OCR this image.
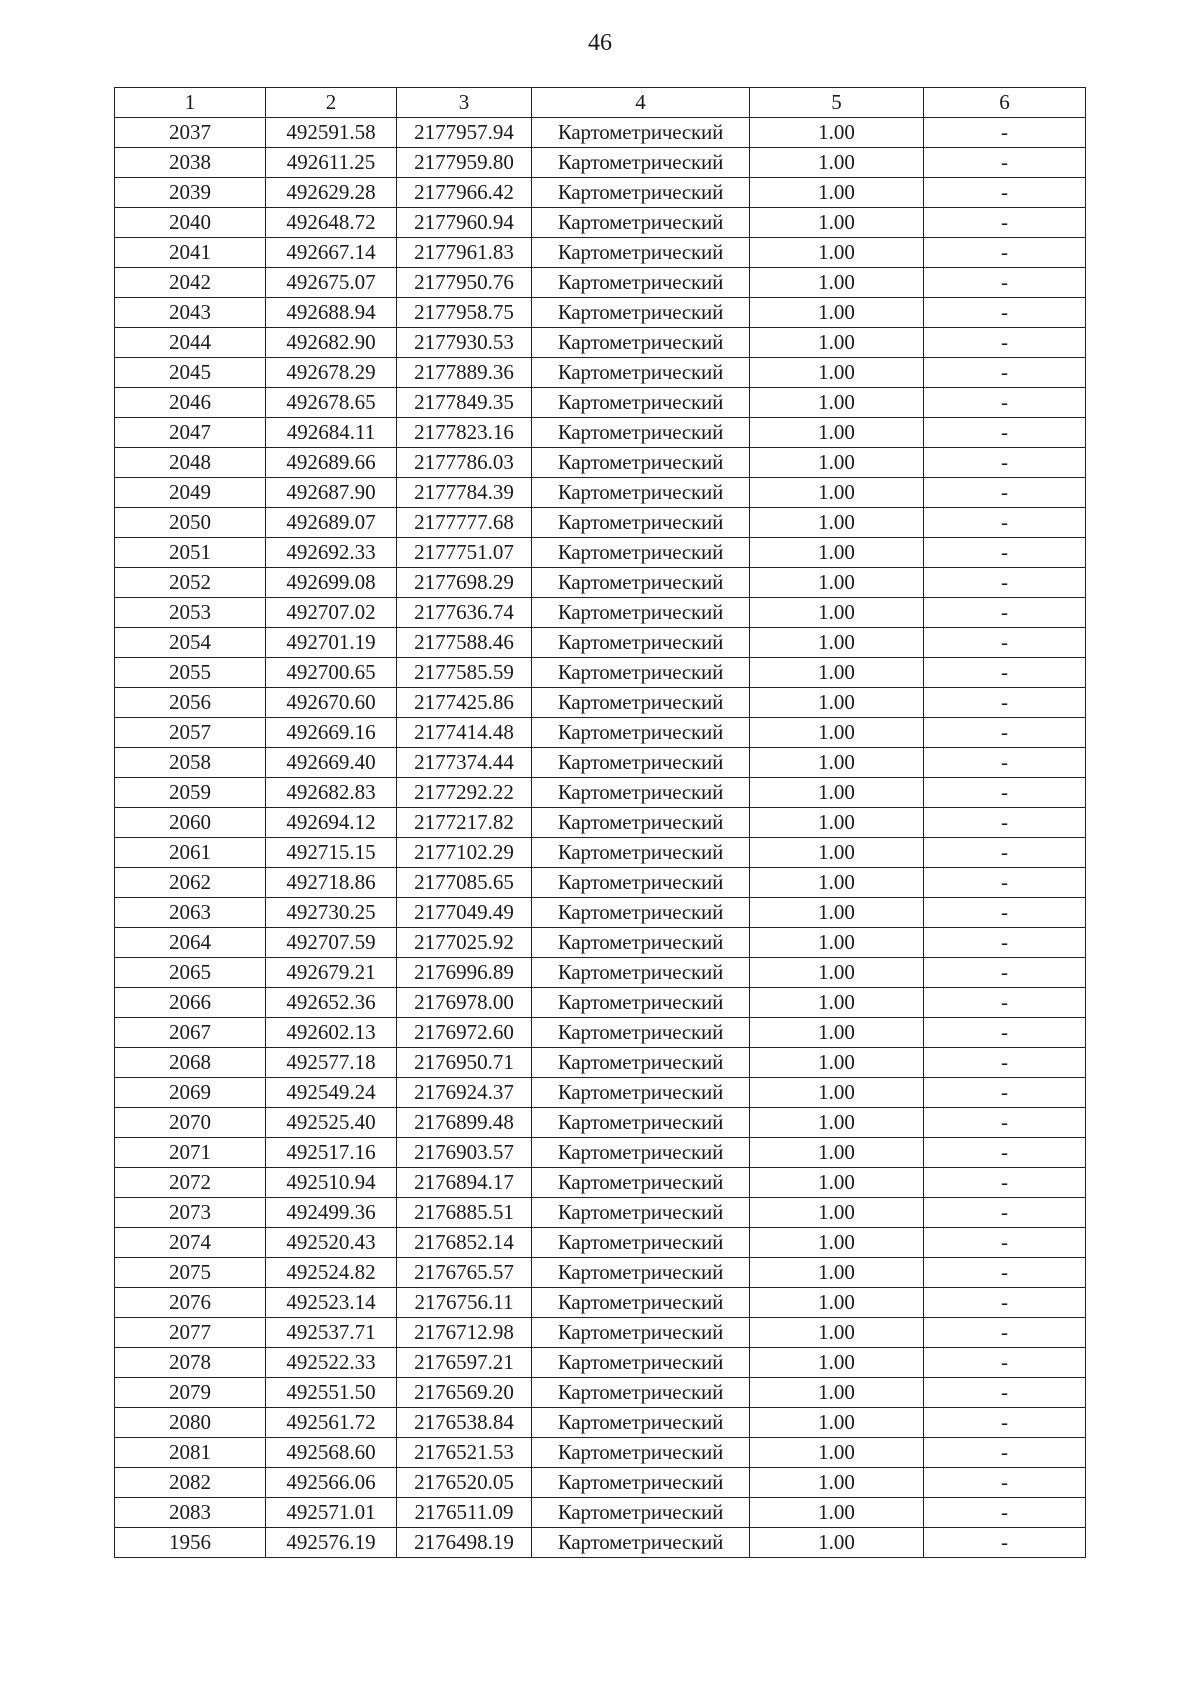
46
1	2	3	4	5	6
2037	492591.58	2177957.94	Картометрический	1.00	-
2038	492611.25	2177959.80	Картометрический	1.00	-
2039	492629.28	2177966.42	Картометрический	1.00	-
2040	492648.72	2177960.94	Картометрический	1.00	-
2041	492667.14	2177961.83	Картометрический	1.00	-
2042	492675.07	2177950.76	Картометрический	1.00	-
2043	492688.94	2177958.75	Картометрический	1.00	-
2044	492682.90	2177930.53	Картометрический	1.00	-
2045	492678.29	2177889.36	Картометрический	1.00	-
2046	492678.65	2177849.35	Картометрический	1.00	-
2047	492684.11	2177823.16	Картометрический	1.00	-
2048	492689.66	2177786.03	Картометрический	1.00	-
2049	492687.90	2177784.39	Картометрический	1.00	-
2050	492689.07	2177777.68	Картометрический	1.00	-
2051	492692.33	2177751.07	Картометрический	1.00	-
2052	492699.08	2177698.29	Картометрический	1.00	-
2053	492707.02	2177636.74	Картометрический	1.00	-
2054	492701.19	2177588.46	Картометрический	1.00	-
2055	492700.65	2177585.59	Картометрический	1.00	-
2056	492670.60	2177425.86	Картометрический	1.00	-
2057	492669.16	2177414.48	Картометрический	1.00	-
2058	492669.40	2177374.44	Картометрический	1.00	-
2059	492682.83	2177292.22	Картометрический	1.00	-
2060	492694.12	2177217.82	Картометрический	1.00	-
2061	492715.15	2177102.29	Картометрический	1.00	-
2062	492718.86	2177085.65	Картометрический	1.00	-
2063	492730.25	2177049.49	Картометрический	1.00	-
2064	492707.59	2177025.92	Картометрический	1.00	-
2065	492679.21	2176996.89	Картометрический	1.00	-
2066	492652.36	2176978.00	Картометрический	1.00	-
2067	492602.13	2176972.60	Картометрический	1.00	-
2068	492577.18	2176950.71	Картометрический	1.00	-
2069	492549.24	2176924.37	Картометрический	1.00	-
2070	492525.40	2176899.48	Картометрический	1.00	-
2071	492517.16	2176903.57	Картометрический	1.00	-
2072	492510.94	2176894.17	Картометрический	1.00	-
2073	492499.36	2176885.51	Картометрический	1.00	-
2074	492520.43	2176852.14	Картометрический	1.00	-
2075	492524.82	2176765.57	Картометрический	1.00	-
2076	492523.14	2176756.11	Картометрический	1.00	-
2077	492537.71	2176712.98	Картометрический	1.00	-
2078	492522.33	2176597.21	Картометрический	1.00	-
2079	492551.50	2176569.20	Картометрический	1.00	-
2080	492561.72	2176538.84	Картометрический	1.00	-
2081	492568.60	2176521.53	Картометрический	1.00	-
2082	492566.06	2176520.05	Картометрический	1.00	-
2083	492571.01	2176511.09	Картометрический	1.00	-
1956	492576.19	2176498.19	Картометрический	1.00	-
